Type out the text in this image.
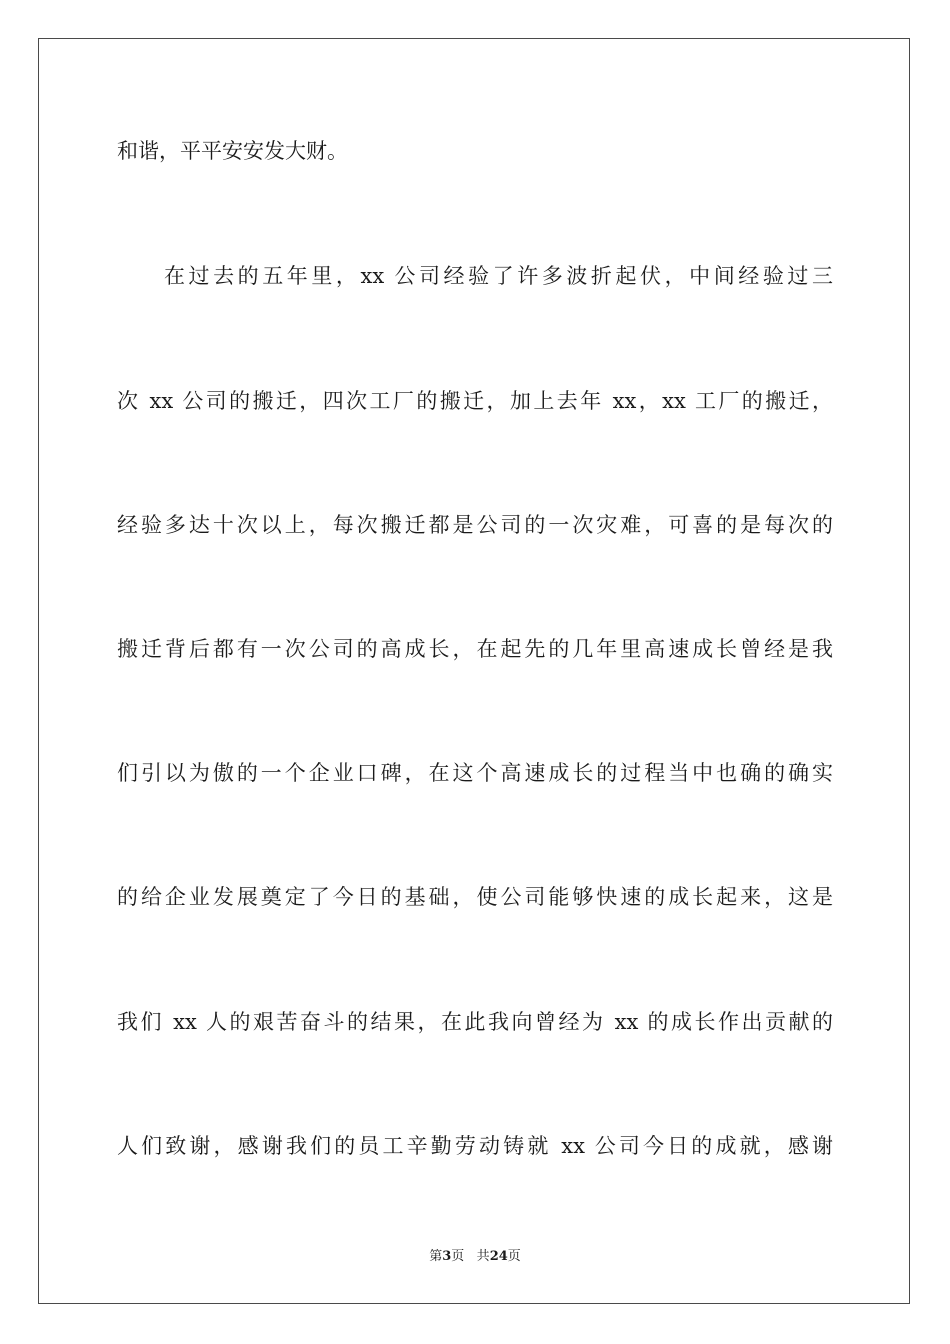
和谐，平平安安发大财。
在过去的五年里，xx 公司经验了许多波折起伏，中间经验过三
次 xx 公司的搬迁，四次工厂的搬迁，加上去年 xx，xx 工厂的搬迁，
经验多达十次以上，每次搬迁都是公司的一次灾难，可喜的是每次的
搬迁背后都有一次公司的高成长，在起先的几年里高速成长曾经是我
们引以为傲的一个企业口碑，在这个高速成长的过程当中也确的确实
的给企业发展奠定了今日的基础，使公司能够快速的成长起来，这是
我们 xx 人的艰苦奋斗的结果，在此我向曾经为 xx 的成长作出贡献的
人们致谢，感谢我们的员工辛勤劳动铸就 xx 公司今日的成就，感谢
第3页 共24页
